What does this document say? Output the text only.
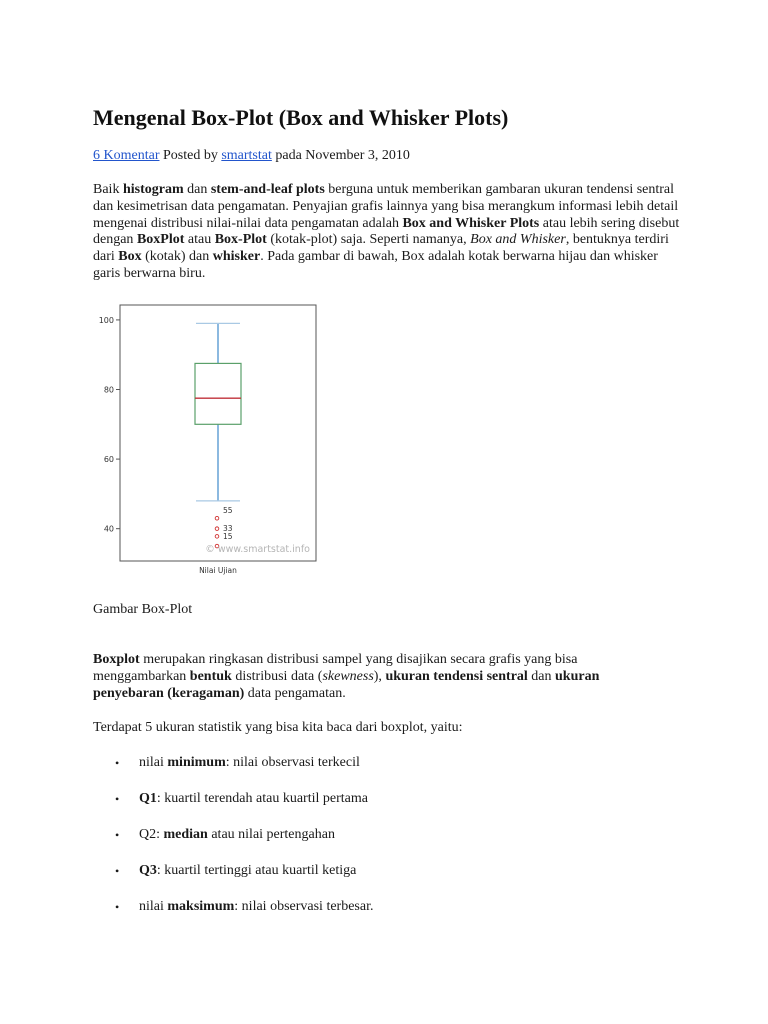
Mengenal Box-Plot (Box and Whisker Plots)
6 Komentar Posted by smartstat pada November 3, 2010

Baik histogram dan stem-and-leaf plots berguna untuk memberikan gambaran ukuran tendensi sentral dan kesimetrisan data pengamatan. Penyajian grafis lainnya yang bisa merangkum informasi lebih detail mengenai distribusi nilai-nilai data pengamatan adalah Box and Whisker Plots atau lebih sering disebut dengan BoxPlot atau Box-Plot (kotak-plot) saja. Seperti namanya, Box and Whisker, bentuknya terdiri dari Box (kotak) dan whisker. Pada gambar di bawah, Box adalah kotak berwarna hijau dan whisker garis berwarna biru.

40
60
80
100
55
33
15
© www.smartstat.info
Nilai Ujian
Gambar Box-Plot

Boxplot merupakan ringkasan distribusi sampel yang disajikan secara grafis yang bisa menggambarkan bentuk distribusi data (skewness), ukuran tendensi sentral dan ukuran penyebaran (keragaman) data pengamatan.

Terdapat 5 ukuran statistik yang bisa kita baca dari boxplot, yaitu:

• nilai minimum: nilai observasi terkecil
• Q1: kuartil terendah atau kuartil pertama
• Q2: median atau nilai pertengahan
• Q3: kuartil tertinggi atau kuartil ketiga
• nilai maksimum: nilai observasi terbesar.
